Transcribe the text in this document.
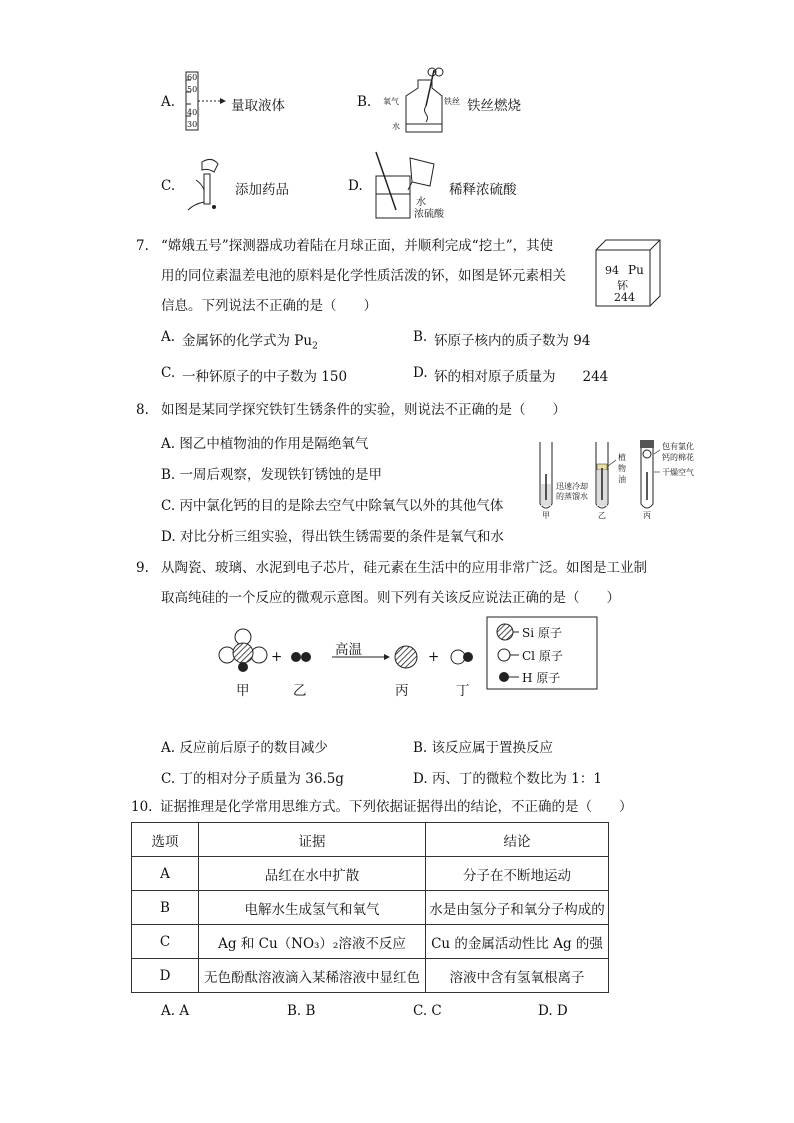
A.
60
50
40
30
量取液体	B. 氧气	铁丝
水
铁丝燃烧
C.	添加药品	D.
水
浓硫酸
稀释浓硫酸
7. “嫦娥五号”探测器成功着陆在月球正面，并顺利完成“挖土”，其使
用的同位素温差电池的原料是化学性质活泼的钚，如图是钚元素相关
信息。下列说法不正确的是（　　）
94 Pu
钚
244
A. 金属钚的化学式为 $Pu_2$
B. 钚原子核内的质子数为 94
C. 一种钚原子的中子数为 150	D. 钚的相对原子质量为　　244
8. 如图是某同学探究铁钉生锈条件的实验，则说法不正确的是（　　）
A. 图乙中植物油的作用是隔绝氧气
B. 一周后观察，发现铁钉锈蚀的是甲
C. 丙中氯化钙的目的是除去空气中除氧气以外的其他气体
D. 对比分析三组实验，得出铁生锈需要的条件是氧气和水
迅速冷却
的蒸馏水
植
物
油
包有氯化
钙的棉花
干燥空气
甲	乙	丙
9. 从陶瓷、玻璃、水泥到电子芯片，硅元素在生活中的应用非常广泛。如图是工业制
取高纯硅的一个反应的微观示意图。则下列有关该反应说法正确的是（　　）
+	+
高温
甲	乙	丙	丁
Si 原子
Cl 原子
H 原子
A. 反应前后原子的数目减少	B. 该反应属于置换反应
C. 丁的相对分子质量为 36.5g	D. 丙、丁的微粒个数比为 1：1
10. 证据推理是化学常用思维方式。下列依据证据得出的结论，不正确的是（　　）
选项	证据	结论
A	品红在水中扩散	分子在不断地运动
B	电解水生成氢气和氧气	水是由氢分子和氧分子构成的
C	Ag 和 Cu（NO₃）₂溶液不反应	Cu 的金属活动性比 Ag 的强
D	无色酚酞溶液滴入某稀溶液中显红色	溶液中含有氢氧根离子
A. A	B. B	C. C	D. D
